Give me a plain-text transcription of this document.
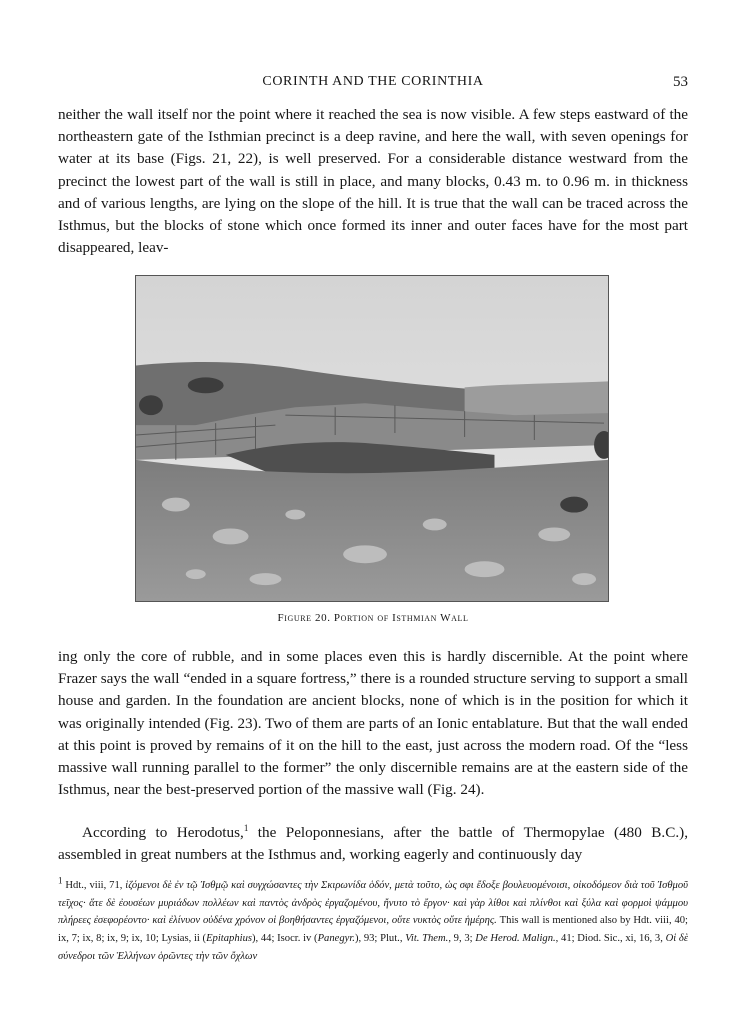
CORINTH AND THE CORINTHIA	53

neither the wall itself nor the point where it reached the sea is now visible. A few steps eastward of the northeastern gate of the Isthmian precinct is a deep ravine, and here the wall, with seven openings for water at its base (Figs. 21, 22), is well preserved. For a considerable distance westward from the precinct the lowest part of the wall is still in place, and many blocks, 0.43 m. to 0.96 m. in thickness and of various lengths, are lying on the slope of the hill. It is true that the wall can be traced across the Isthmus, but the blocks of stone which once formed its inner and outer faces have for the most part disappeared, leav-

Figure 20. Portion of Isthmian Wall

ing only the core of rubble, and in some places even this is hardly discernible. At the point where Frazer says the wall “ended in a square fortress,” there is a rounded structure serving to support a small house and garden. In the foundation are ancient blocks, none of which is in the position for which it was originally intended (Fig. 23). Two of them are parts of an Ionic entablature. But that the wall ended at this point is proved by remains of it on the hill to the east, just across the modern road. Of the “less massive wall running parallel to the former” the only discernible remains are at the eastern side of the Isthmus, near the best-preserved portion of the massive wall (Fig. 24).

According to Herodotus,$^1$ the Peloponnesians, after the battle of Thermopylae (480 B.C.), assembled in great numbers at the Isthmus and, working eagerly and continuously day

$^1$ Hdt., viii, 71, ἱζόμενοι δὲ ἐν τῷ Ἰσθμῷ καὶ συγχώσαντες τὴν Σκιρωνίδα ὁδόν, μετὰ τοῦτο, ὡς σφι ἔδοξε βουλευομένοισι, οἰκοδόμεον διὰ τοῦ Ἰσθμοῦ τεῖχος· ἅτε δὲ ἐουσέων μυριάδων πολλέων καὶ παντὸς ἀνδρὸς ἐργαζομένου, ἤνυτο τὸ ἔργον· καὶ γὰρ λίθοι καὶ πλίνθοι καὶ ξύλα καὶ φορμοὶ ψάμμου πλήρεες ἐσεφορέοντο· καὶ ἐλίνυον οὐδένα χρόνον οἱ βοηθήσαντες ἐργαζόμενοι, οὔτε νυκτὸς οὔτε ἡμέρης. This wall is mentioned also by Hdt. viii, 40; ix, 7; ix, 8; ix, 9; ix, 10; Lysias, ii (Epitaphius), 44; Isocr. iv (Panegyr.), 93; Plut., Vit. Them., 9, 3; De Herod. Malign., 41; Diod. Sic., xi, 16, 3, Οἱ δὲ σύνεδροι τῶν Ἑλλήνων ὁρῶντες τὴν τῶν ὄχλων
